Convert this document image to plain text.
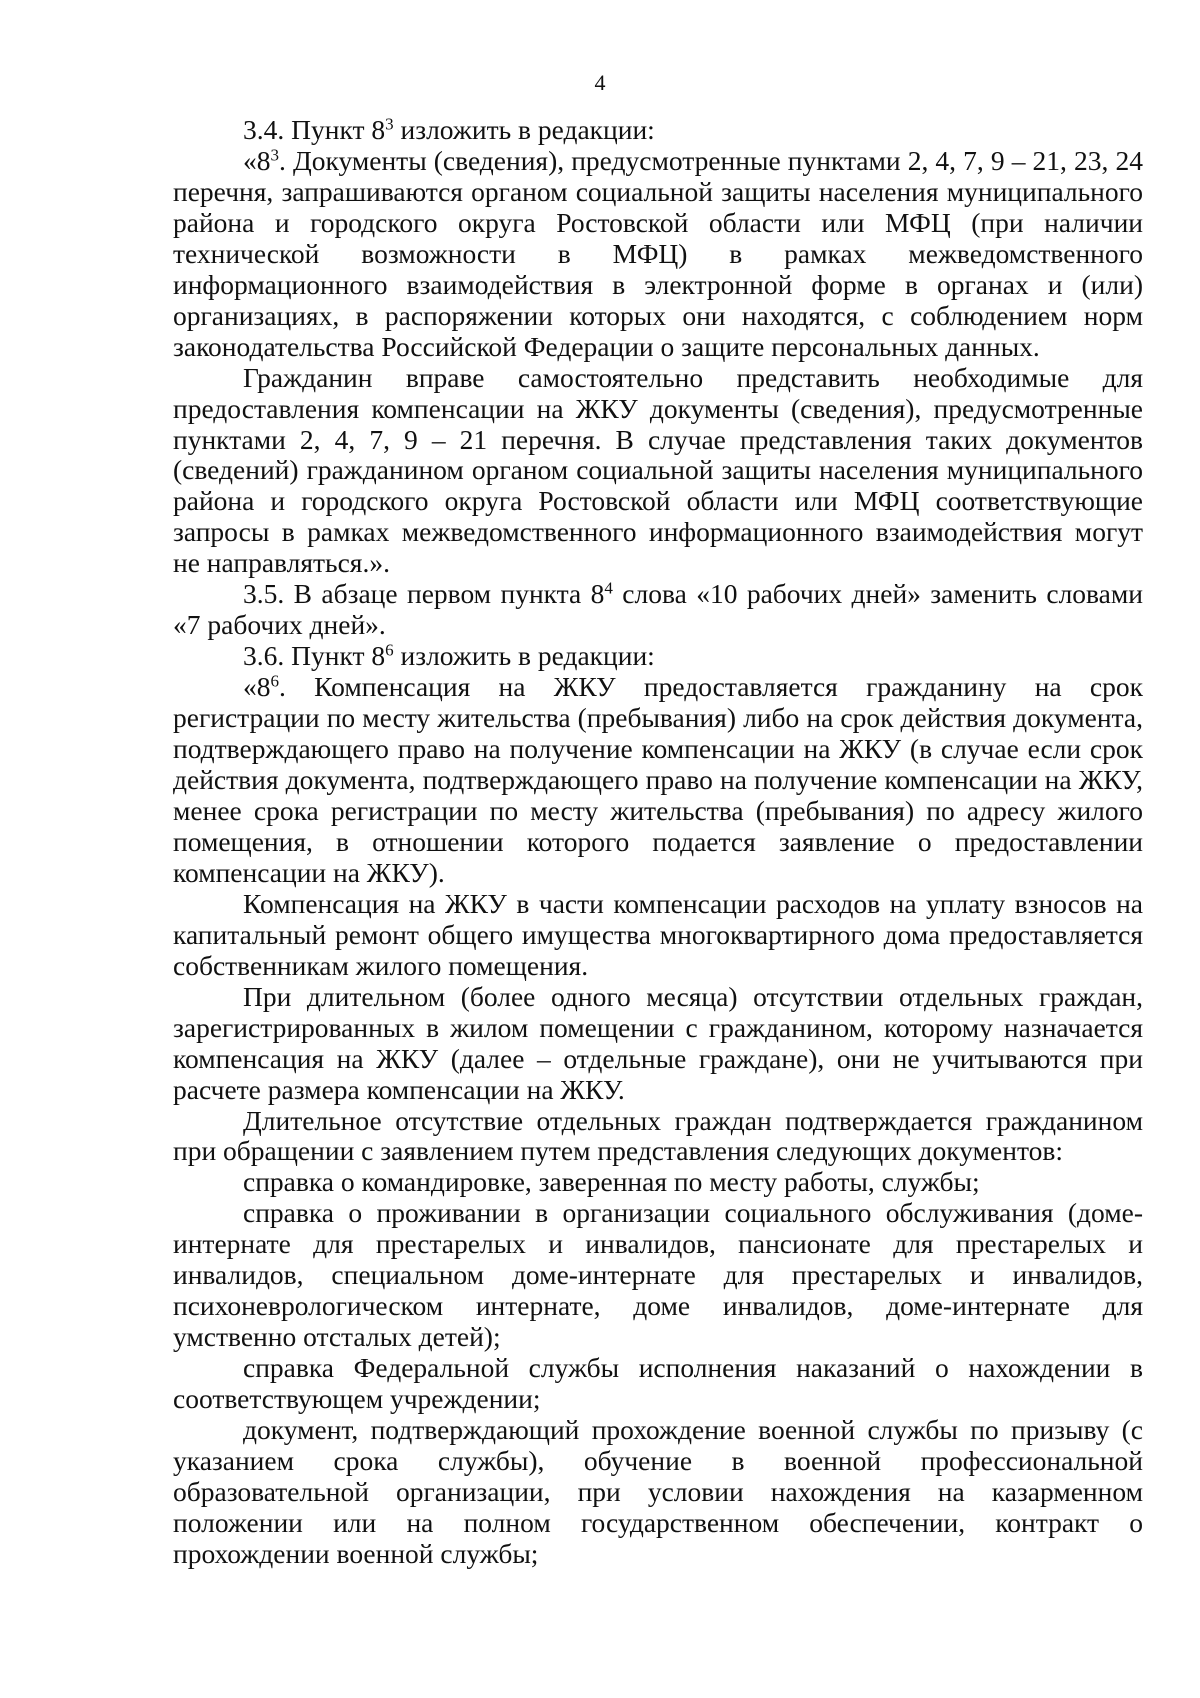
4

3.4. Пункт $8^3$ изложить в редакции:

«$8^3$. Документы (сведения), предусмотренные пунктами 2, 4, 7, 9 – 21, 23, 24 перечня, запрашиваются органом социальной защиты населения муниципального района и городского округа Ростовской области или МФЦ (при наличии технической возможности в МФЦ) в рамках межведомственного информационного взаимодействия в электронной форме в органах и (или) организациях, в распоряжении которых они находятся, с соблюдением норм законодательства Российской Федерации о защите персональных данных.

Гражданин вправе самостоятельно представить необходимые для предоставления компенсации на ЖКУ документы (сведения), предусмотренные пунктами 2, 4, 7, 9 – 21 перечня. В случае представления таких документов (сведений) гражданином органом социальной защиты населения муниципального района и городского округа Ростовской области или МФЦ соответствующие запросы в рамках межведомственного информационного взаимодействия могут не направляться.».

3.5. В абзаце первом пункта $8^4$ слова «10 рабочих дней» заменить словами «7 рабочих дней».

3.6. Пункт $8^6$ изложить в редакции:

«$8^6$. Компенсация на ЖКУ предоставляется гражданину на срок регистрации по месту жительства (пребывания) либо на срок действия документа, подтверждающего право на получение компенсации на ЖКУ (в случае если срок действия документа, подтверждающего право на получение компенсации на ЖКУ, менее срока регистрации по месту жительства (пребывания) по адресу жилого помещения, в отношении которого подается заявление о предоставлении компенсации на ЖКУ).

Компенсация на ЖКУ в части компенсации расходов на уплату взносов на капитальный ремонт общего имущества многоквартирного дома предоставляется собственникам жилого помещения.

При длительном (более одного месяца) отсутствии отдельных граждан, зарегистрированных в жилом помещении с гражданином, которому назначается компенсация на ЖКУ (далее – отдельные граждане), они не учитываются при расчете размера компенсации на ЖКУ.

Длительное отсутствие отдельных граждан подтверждается гражданином при обращении с заявлением путем представления следующих документов:

справка о командировке, заверенная по месту работы, службы;

справка о проживании в организации социального обслуживания (доме-интернате для престарелых и инвалидов, пансионате для престарелых и инвалидов, специальном доме-интернате для престарелых и инвалидов, психоневрологическом интернате, доме инвалидов, доме-интернате для умственно отсталых детей);

справка Федеральной службы исполнения наказаний о нахождении в соответствующем учреждении;

документ, подтверждающий прохождение военной службы по призыву (с указанием срока службы), обучение в военной профессиональной образовательной организации, при условии нахождения на казарменном положении или на полном государственном обеспечении, контракт о прохождении военной службы;
